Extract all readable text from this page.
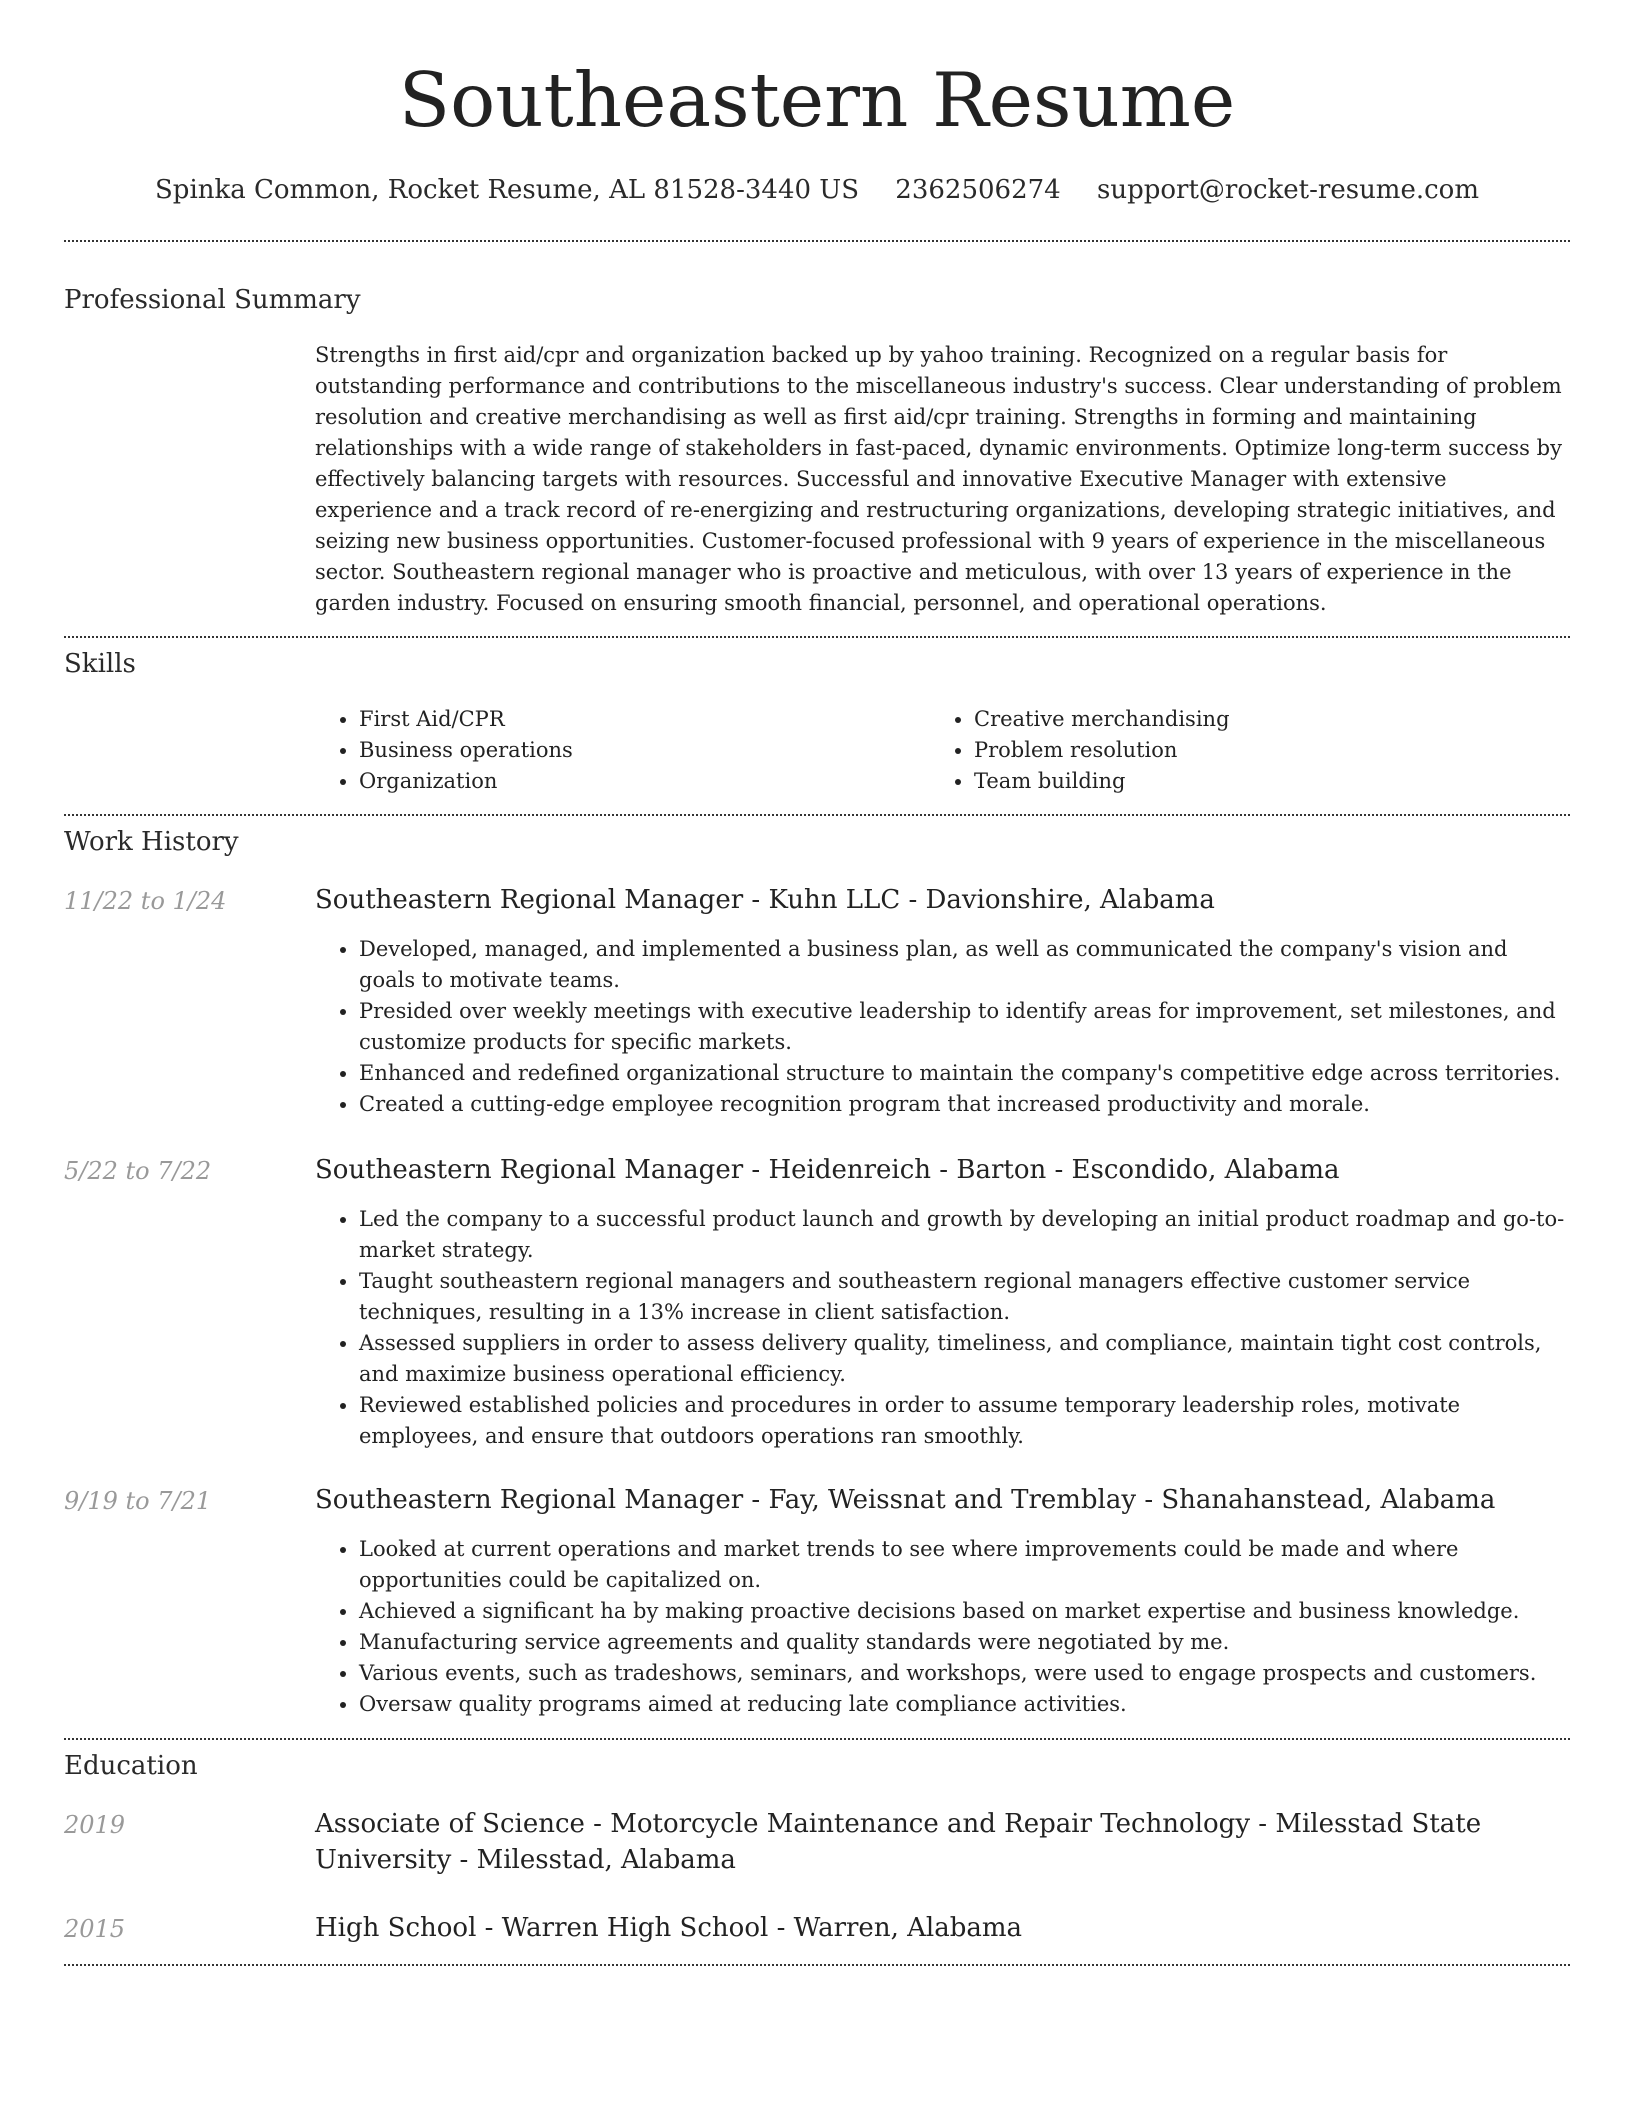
Southeastern Resume
Spinka Common, Rocket Resume, AL 81528-3440 US 2362506274 support@rocket-resume.com
Professional Summary
Strengths in first aid/cpr and organization backed up by yahoo training. Recognized on a regular basis for outstanding performance and contributions to the miscellaneous industry's success. Clear understanding of problem resolution and creative merchandising as well as first aid/cpr training. Strengths in forming and maintaining relationships with a wide range of stakeholders in fast-paced, dynamic environments. Optimize long-term success by effectively balancing targets with resources. Successful and innovative Executive Manager with extensive experience and a track record of re-energizing and restructuring organizations, developing strategic initiatives, and seizing new business opportunities. Customer-focused professional with 9 years of experience in the miscellaneous sector. Southeastern regional manager who is proactive and meticulous, with over 13 years of experience in the garden industry. Focused on ensuring smooth financial, personnel, and operational operations.
Skills
• First Aid/CPR
• Business operations
• Organization
• Creative merchandising
• Problem resolution
• Team building
Work History
11/22 to 1/24	Southeastern Regional Manager - Kuhn LLC - Davionshire, Alabama
• Developed, managed, and implemented a business plan, as well as communicated the company's vision and goals to motivate teams.
• Presided over weekly meetings with executive leadership to identify areas for improvement, set milestones, and customize products for specific markets.
• Enhanced and redefined organizational structure to maintain the company's competitive edge across territories.
• Created a cutting-edge employee recognition program that increased productivity and morale.
5/22 to 7/22	Southeastern Regional Manager - Heidenreich - Barton - Escondido, Alabama
• Led the company to a successful product launch and growth by developing an initial product roadmap and go-to-market strategy.
• Taught southeastern regional managers and southeastern regional managers effective customer service techniques, resulting in a 13% increase in client satisfaction.
• Assessed suppliers in order to assess delivery quality, timeliness, and compliance, maintain tight cost controls, and maximize business operational efficiency.
• Reviewed established policies and procedures in order to assume temporary leadership roles, motivate employees, and ensure that outdoors operations ran smoothly.
9/19 to 7/21	Southeastern Regional Manager - Fay, Weissnat and Tremblay - Shanahanstead, Alabama
• Looked at current operations and market trends to see where improvements could be made and where opportunities could be capitalized on.
• Achieved a significant ha by making proactive decisions based on market expertise and business knowledge.
• Manufacturing service agreements and quality standards were negotiated by me.
• Various events, such as tradeshows, seminars, and workshops, were used to engage prospects and customers.
• Oversaw quality programs aimed at reducing late compliance activities.
Education
2019	Associate of Science - Motorcycle Maintenance and Repair Technology - Milesstad State University - Milesstad, Alabama
2015	High School - Warren High School - Warren, Alabama
